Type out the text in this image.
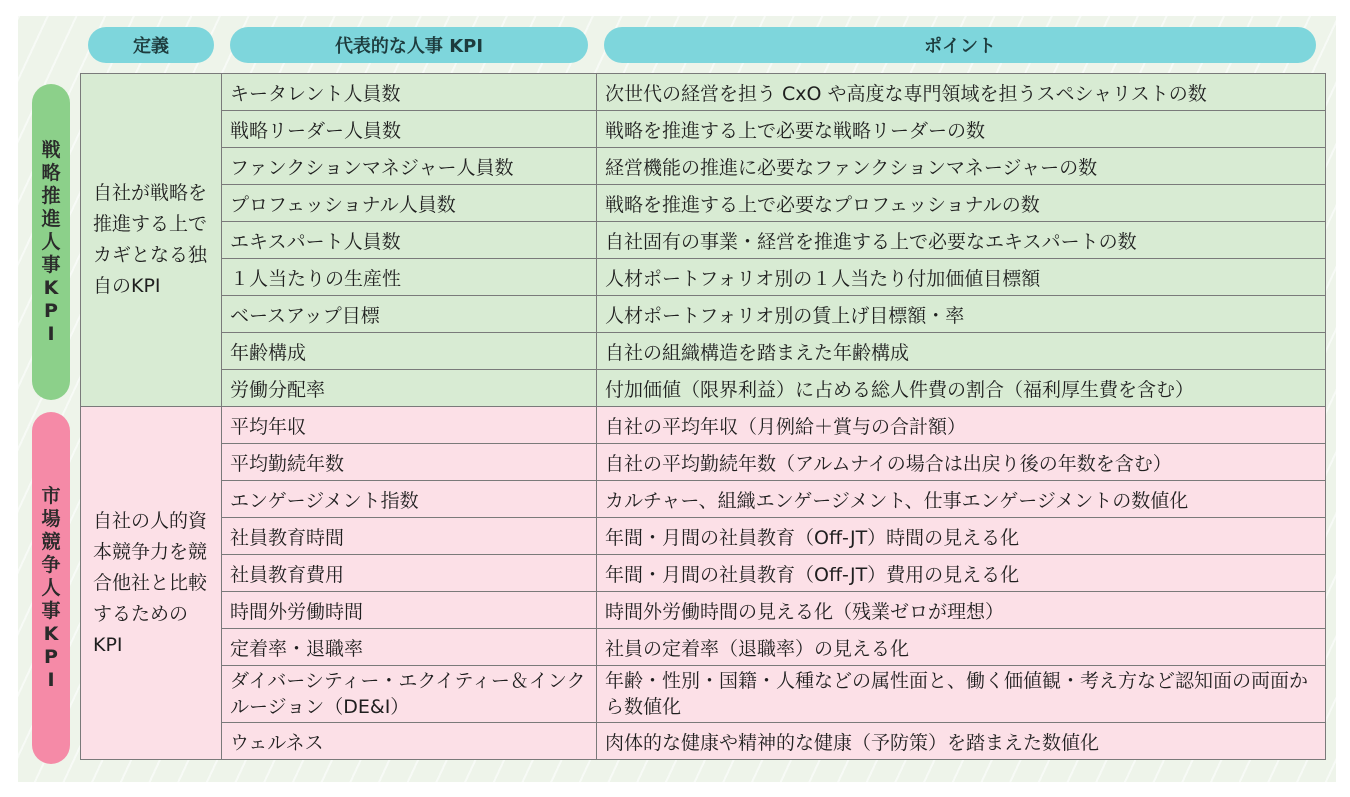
定義	代表的な人事 KPI	ポイント
戦
略
推
進
人
事
K
P
I
市
場
競
争
人
事
K
P
I
自社が戦略を推進する上でカギとなる独自のKPI	キータレント人員数	次世代の経営を担う CxO や高度な専門領域を担うスペシャリストの数
	戦略リーダー人員数	戦略を推進する上で必要な戦略リーダーの数
	ファンクションマネジャー人員数	経営機能の推進に必要なファンクションマネージャーの数
	プロフェッショナル人員数	戦略を推進する上で必要なプロフェッショナルの数
	エキスパート人員数	自社固有の事業・経営を推進する上で必要なエキスパートの数
	１人当たりの生産性	人材ポートフォリオ別の１人当たり付加価値目標額
	ベースアップ目標	人材ポートフォリオ別の賃上げ目標額・率
	年齢構成	自社の組織構造を踏まえた年齢構成
	労働分配率	付加価値（限界利益）に占める総人件費の割合（福利厚生費を含む）
自社の人的資本競争力を競合他社と比較するためのKPI	平均年収	自社の平均年収（月例給＋賞与の合計額）
	平均勤続年数	自社の平均勤続年数（アルムナイの場合は出戻り後の年数を含む）
	エンゲージメント指数	カルチャー、組織エンゲージメント、仕事エンゲージメントの数値化
	社員教育時間	年間・月間の社員教育（Off-JT）時間の見える化
	社員教育費用	年間・月間の社員教育（Off-JT）費用の見える化
	時間外労働時間	時間外労働時間の見える化（残業ゼロが理想）
	定着率・退職率	社員の定着率（退職率）の見える化
	ダイバーシティー・エクイティー＆インクルージョン（DE&I）	年齢・性別・国籍・人種などの属性面と、働く価値観・考え方など認知面の両面から数値化
	ウェルネス	肉体的な健康や精神的な健康（予防策）を踏まえた数値化
